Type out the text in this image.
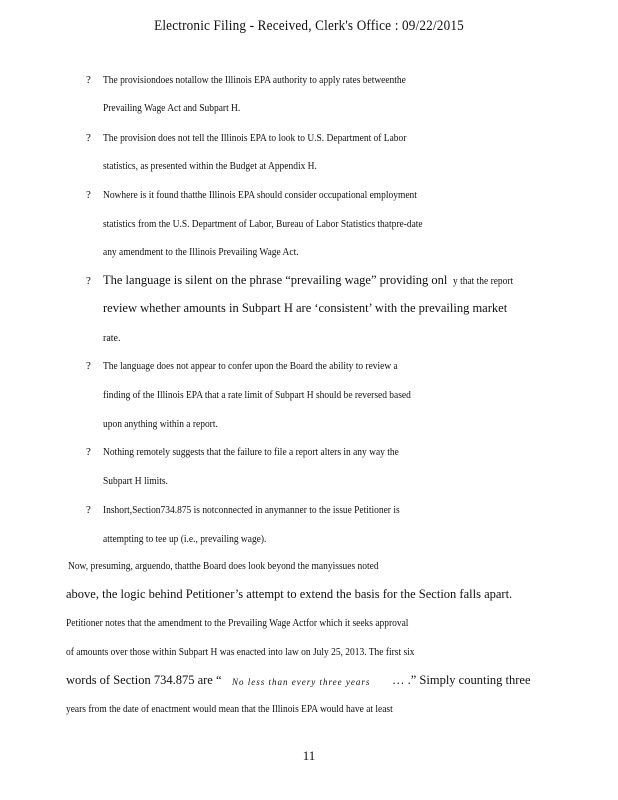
Electronic Filing - Received, Clerk's Office : 09/22/2015
? The provisiondoes notallow the Illinois EPA authority to apply rates betweenthe
Prevailing Wage Act and Subpart H.
? The provision does not tell the Illinois EPA to look to U.S. Department of Labor
statistics, as presented within the Budget at Appendix H.
? Nowhere is it found thatthe Illinois EPA should consider occupational employment
statistics from the U.S. Department of Labor, Bureau of Labor Statistics thatpre-date
any amendment to the Illinois Prevailing Wage Act.
? The language is silent on the phrase “prevailing wage” providing onl y that the report
review whether amounts in Subpart H are ‘consistent’ with the prevailing market
rate.
? The language does not appear to confer upon the Board the ability to review a
finding of the Illinois EPA that a rate limit of Subpart H should be reversed based
upon anything within a report.
? Nothing remotely suggests that the failure to file a report alters in any way the
Subpart H limits.
? Inshort,Section734.875 is notconnected in anymanner to the issue Petitioner is
attempting to tee up (i.e., prevailing wage).
Now, presuming, arguendo, thatthe Board does look beyond the manyissues noted
above, the logic behind Petitioner’s attempt to extend the basis for the Section falls apart.
Petitioner notes that the amendment to the Prevailing Wage Actfor which it seeks approval
of amounts over those within Subpart H was enacted into law on July 25, 2013. The first six
words of Section 734.875 are “ No less than every three years … .” Simply counting three
years from the date of enactment would mean that the Illinois EPA would have at least
11
